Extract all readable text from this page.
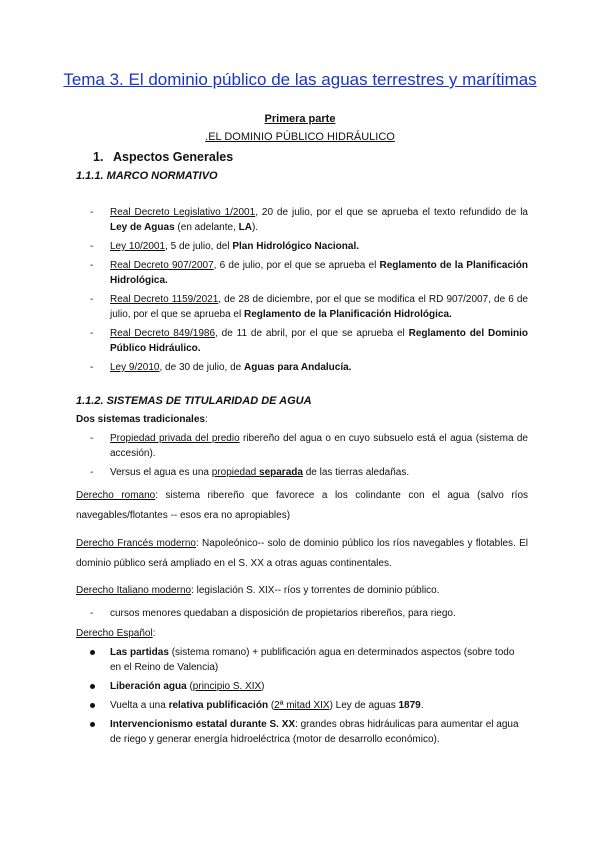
Tema 3. El dominio público de las aguas terrestres y marítimas
Primera parte
.EL DOMINIO PÚBLICO HIDRÁULICO
1. Aspectos Generales
1.1.1. MARCO NORMATIVO
- Real Decreto Legislativo 1/2001, 20 de julio, por el que se aprueba el texto refundido de la Ley de Aguas (en adelante, LA).
- Ley 10/2001, 5 de julio, del Plan Hidrológico Nacional.
- Real Decreto 907/2007, 6 de julio, por el que se aprueba el Reglamento de la Planificación Hidrológica.
- Real Decreto 1159/2021, de 28 de diciembre, por el que se modifica el RD 907/2007, de 6 de julio, por el que se aprueba el Reglamento de la Planificación Hidrológica.
- Real Decreto 849/1986, de 11 de abril, por el que se aprueba el Reglamento del Dominio Público Hidráulico.
- Ley 9/2010, de 30 de julio, de Aguas para Andalucía.
1.1.2. SISTEMAS DE TITULARIDAD DE AGUA
Dos sistemas tradicionales:
- Propiedad privada del predio ribereño del agua o en cuyo subsuelo está el agua (sistema de accesión).
- Versus el agua es una propiedad separada de las tierras aledañas.
Derecho romano: sistema ribereño que favorece a los colindante con el agua (salvo ríos navegables/flotantes -- esos era no apropiables)
Derecho Francés moderno: Napoleónico-- solo de dominio público los ríos navegables y flotables. El dominio público será ampliado en el S. XX a otras aguas continentales.
Derecho Italiano moderno: legislación S. XIX-- ríos y torrentes de dominio público.
- cursos menores quedaban a disposición de propietarios ribereños, para riego.
Derecho Español:
Las partidas (sistema romano) + publificación agua en determinados aspectos (sobre todo en el Reino de Valencia)
Liberación agua (principio S. XIX)
Vuelta a una relativa publificación (2ª mitad XIX) Ley de aguas 1879.
Intervencionismo estatal durante S. XX: grandes obras hidráulicas para aumentar el agua de riego y generar energía hidroeléctrica (motor de desarrollo económico).
